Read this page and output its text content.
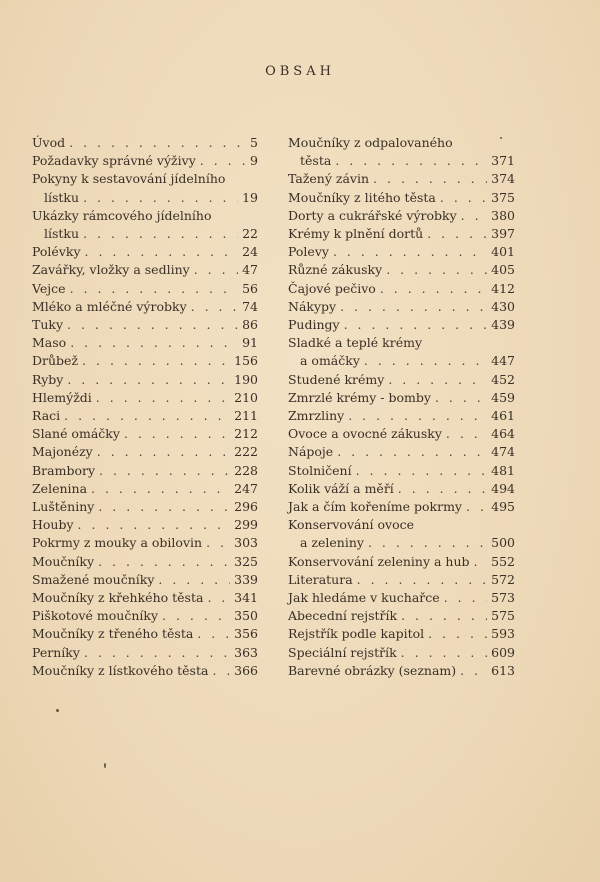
OBSAH
Úvod . . .	5
Požadavky správné výživy . . .	9
Pokyny k sestavování jídelního
lístku . . .	19
Ukázky rámcového jídelního
lístku . . .	22
Polévky . . .	24
Zavářky, vložky a sedliny . . .	47
Vejce . . .	56
Mléko a mléčné výrobky . . .	74
Tuky . . .	86
Maso . . .	91
Drůbež . . .	156
Ryby . . .	190
Hlemýždi . . .	210
Raci . . .	211
Slané omáčky . . .	212
Majonézy . . .	222
Brambory . . .	228
Zelenina . . .	247
Luštěniny . . .	296
Houby . . .	299
Pokrmy z mouky a obilovin . . .	303
Moučníky . . .	325
Smažené moučníky . . .	339
Moučníky z křehkého těsta . . . 341
Piškotové moučníky . . .	350
Moučníky z třeného těsta . . .	356
Perníky . . .	363
Moučníky z lístkového těsta . . . 366
Moučníky z odpalovaného
těsta . . .	371
Tažený závin . . .	374
Moučníky z litého těsta . . .	375
Dorty a cukrářské výrobky . . .	380
Krémy k plnění dortů . . .	397
Polevy . . .	401
Různé zákusky . . .	405
Čajové pečivo . . .	412
Nákypy . . .	430
Pudingy . . .	439
Sladké a teplé krémy
a omáčky . . .	447
Studené krémy . . .	452
Zmrzlé krémy - bomby . . .	459
Zmrzliny . . .	461
Ovoce a ovocné zákusky . . .	464
Nápoje . . .	474
Stolničení . . .	481
Kolik váží a měří . . .	494
Jak a čím kořeníme pokrmy . . . 495
Konservování ovoce
a zeleniny . . .	500
Konservování zeleniny a hub . . . 552
Literatura . . .	572
Jak hledáme v kuchařce . . .	573
Abecední rejstřík . . .	575
Rejstřík podle kapitol . . .	593
Speciální rejstřík . . .	609
Barevné obrázky (seznam) . . .	613
